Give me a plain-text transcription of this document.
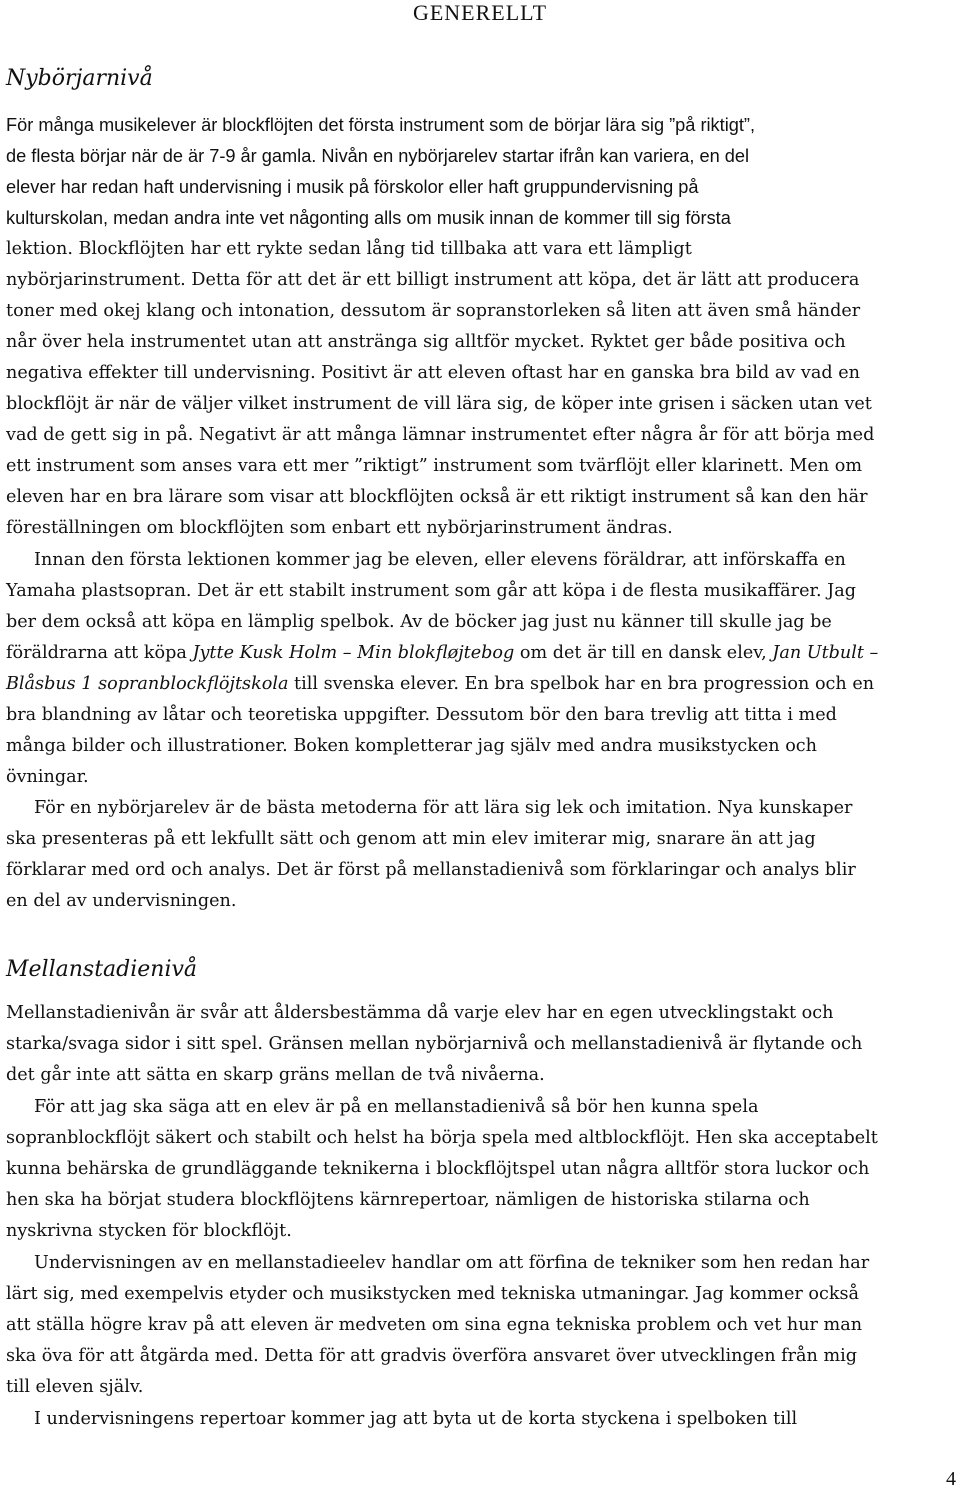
GENERELLT
Nybörjarnivå
För många musikelever är blockflöjten det första instrument som de börjar lära sig ”på riktigt”,
de flesta börjar när de är 7-9 år gamla. Nivån en nybörjarelev startar ifrån kan variera, en del
elever har redan haft undervisning i musik på förskolor eller haft gruppundervisning på
kulturskolan, medan andra inte vet någonting alls om musik innan de kommer till sig första
lektion. Blockflöjten har ett rykte sedan lång tid tillbaka att vara ett lämpligt
nybörjarinstrument. Detta för att det är ett billigt instrument att köpa, det är lätt att producera
toner med okej klang och intonation, dessutom är sopranstorleken så liten att även små händer
når över hela instrumentet utan att anstränga sig alltför mycket. Ryktet ger både positiva och
negativa effekter till undervisning. Positivt är att eleven oftast har en ganska bra bild av vad en
blockflöjt är när de väljer vilket instrument de vill lära sig, de köper inte grisen i säcken utan vet
vad de gett sig in på. Negativt är att många lämnar instrumentet efter några år för att börja med
ett instrument som anses vara ett mer ”riktigt” instrument som tvärflöjt eller klarinett. Men om
eleven har en bra lärare som visar att blockflöjten också är ett riktigt instrument så kan den här
föreställningen om blockflöjten som enbart ett nybörjarinstrument ändras.
Innan den första lektionen kommer jag be eleven, eller elevens föräldrar, att införskaffa en
Yamaha plastsopran. Det är ett stabilt instrument som går att köpa i de flesta musikaffärer. Jag
ber dem också att köpa en lämplig spelbok. Av de böcker jag just nu känner till skulle jag be
föräldrarna att köpa Jytte Kusk Holm – Min blokfløjtebog om det är till en dansk elev, Jan Utbult –
Blåsbus 1 sopranblockflöjtskola till svenska elever. En bra spelbok har en bra progression och en
bra blandning av låtar och teoretiska uppgifter. Dessutom bör den bara trevlig att titta i med
många bilder och illustrationer. Boken kompletterar jag själv med andra musikstycken och
övningar.
För en nybörjarelev är de bästa metoderna för att lära sig lek och imitation. Nya kunskaper
ska presenteras på ett lekfullt sätt och genom att min elev imiterar mig, snarare än att jag
förklarar med ord och analys. Det är först på mellanstadienivå som förklaringar och analys blir
en del av undervisningen.
Mellanstadienivå
Mellanstadienivån är svår att åldersbestämma då varje elev har en egen utvecklingstakt och
starka/svaga sidor i sitt spel. Gränsen mellan nybörjarnivå och mellanstadienivå är flytande och
det går inte att sätta en skarp gräns mellan de två nivåerna.
För att jag ska säga att en elev är på en mellanstadienivå så bör hen kunna spela
sopranblockflöjt säkert och stabilt och helst ha börja spela med altblockflöjt. Hen ska acceptabelt
kunna behärska de grundläggande teknikerna i blockflöjtspel utan några alltför stora luckor och
hen ska ha börjat studera blockflöjtens kärnrepertoar, nämligen de historiska stilarna och
nyskrivna stycken för blockflöjt.
Undervisningen av en mellanstadieelev handlar om att förfina de tekniker som hen redan har
lärt sig, med exempelvis etyder och musikstycken med tekniska utmaningar. Jag kommer också
att ställa högre krav på att eleven är medveten om sina egna tekniska problem och vet hur man
ska öva för att åtgärda med. Detta för att gradvis överföra ansvaret över utvecklingen från mig
till eleven själv.
I undervisningens repertoar kommer jag att byta ut de korta styckena i spelboken till
4
